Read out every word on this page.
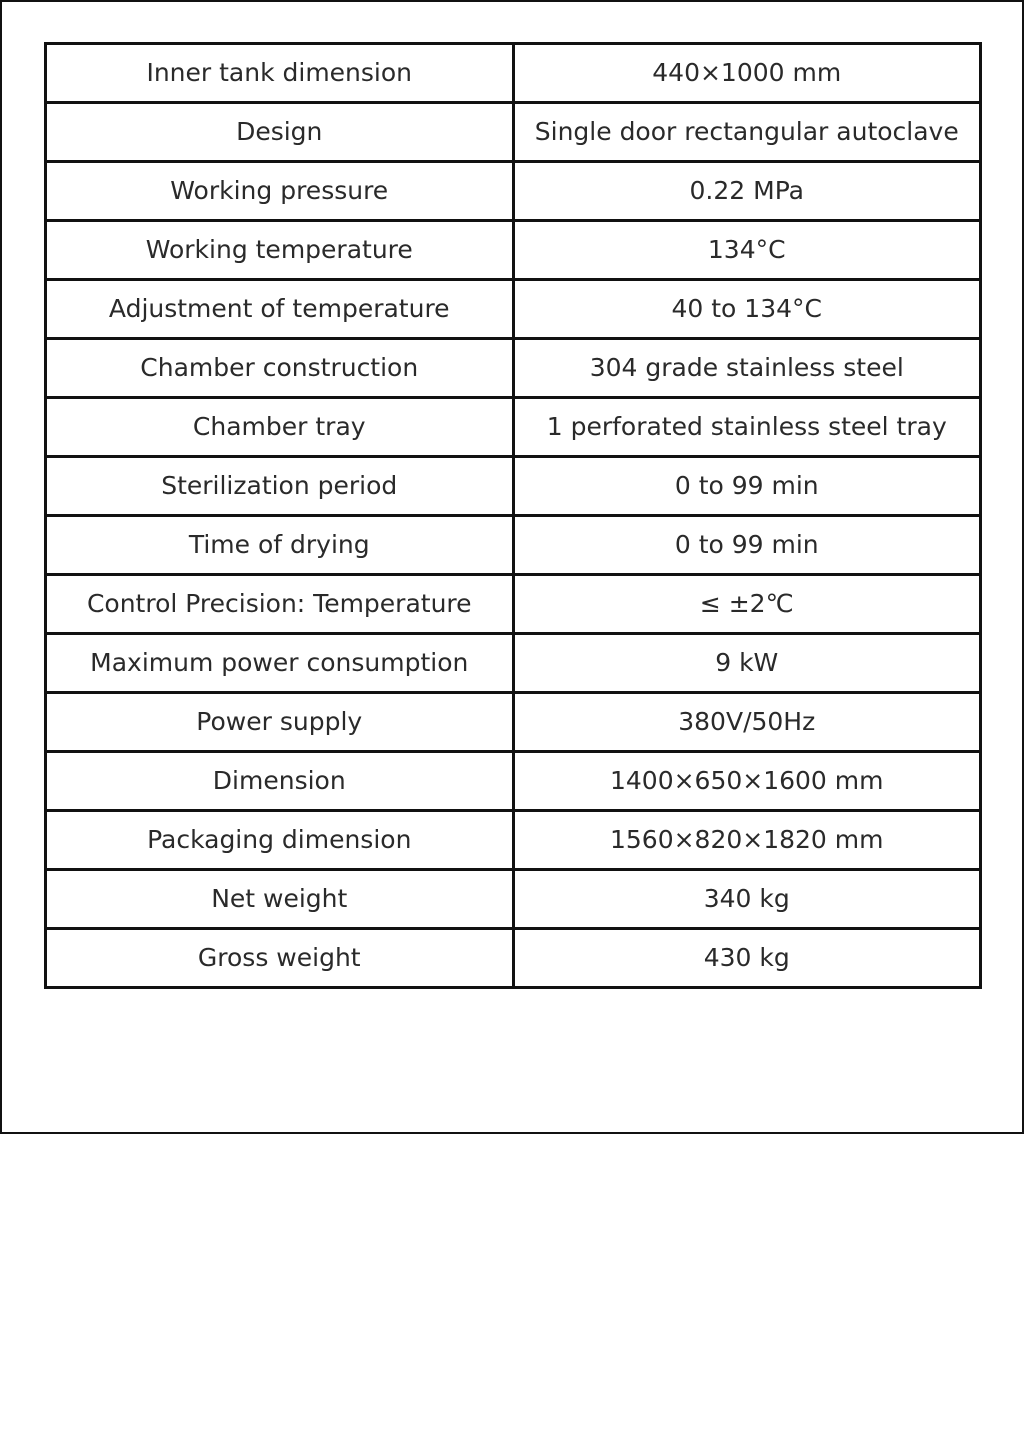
Inner tank dimension	440×1000 mm
Design	Single door rectangular autoclave
Working pressure	0.22 MPa
Working temperature	134°C
Adjustment of temperature	40 to 134°C
Chamber construction	304 grade stainless steel
Chamber tray	1 perforated stainless steel tray
Sterilization period	0 to 99 min
Time of drying	0 to 99 min
Control Precision: Temperature	≤ ±2℃
Maximum power consumption	9 kW
Power supply	380V/50Hz
Dimension	1400×650×1600 mm
Packaging dimension	1560×820×1820 mm
Net weight	340 kg
Gross weight	430 kg
